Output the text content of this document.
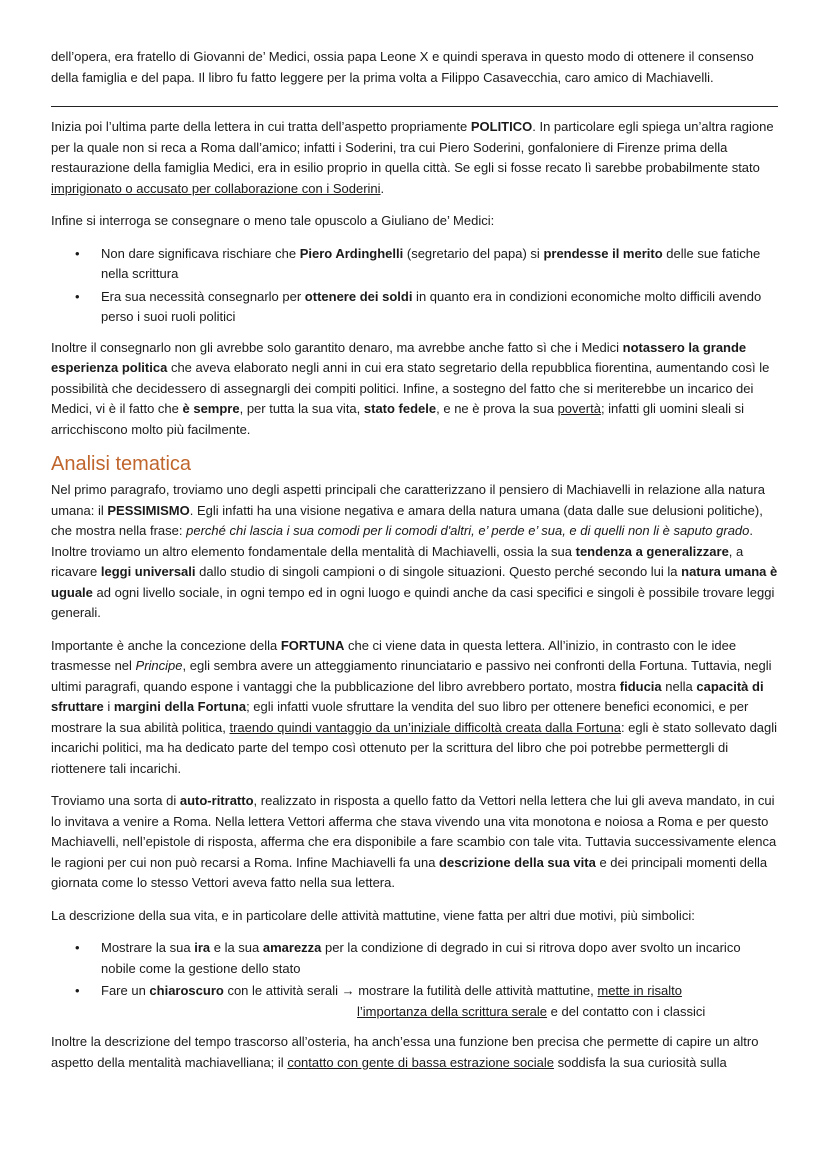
dell’opera, era fratello di Giovanni de’ Medici, ossia papa Leone X e quindi sperava in questo modo di ottenere il consenso della famiglia e del papa. Il libro fu fatto leggere per la prima volta a Filippo Casavecchia, caro amico di Machiavelli.

Inizia poi l’ultima parte della lettera in cui tratta dell’aspetto propriamente POLITICO. In particolare egli spiega un’altra ragione per la quale non si reca a Roma dall’amico; infatti i Soderini, tra cui Piero Soderini, gonfaloniere di Firenze prima della restaurazione della famiglia Medici, era in esilio proprio in quella città. Se egli si fosse recato lì sarebbe probabilmente stato imprigionato o accusato per collaborazione con i Soderini.

Infine si interroga se consegnare o meno tale opuscolo a Giuliano de’ Medici:

• Non dare significava rischiare che Piero Ardinghelli (segretario del papa) si prendesse il merito delle sue fatiche nella scrittura
• Era sua necessità consegnarlo per ottenere dei soldi in quanto era in condizioni economiche molto difficili avendo perso i suoi ruoli politici

Inoltre il consegnarlo non gli avrebbe solo garantito denaro, ma avrebbe anche fatto sì che i Medici notassero la grande esperienza politica che aveva elaborato negli anni in cui era stato segretario della repubblica fiorentina, aumentando così le possibilità che decidessero di assegnargli dei compiti politici. Infine, a sostegno del fatto che si meriterebbe un incarico dei Medici, vi è il fatto che è sempre, per tutta la sua vita, stato fedele, e ne è prova la sua povertà; infatti gli uomini sleali si arricchiscono molto più facilmente.

Analisi tematica

Nel primo paragrafo, troviamo uno degli aspetti principali che caratterizzano il pensiero di Machiavelli in relazione alla natura umana: il PESSIMISMO. Egli infatti ha una visione negativa e amara della natura umana (data dalle sue delusioni politiche), che mostra nella frase: perché chi lascia i sua comodi per li comodi d'altri, e’ perde e’ sua, e di quelli non li è saputo grado. Inoltre troviamo un altro elemento fondamentale della mentalità di Machiavelli, ossia la sua tendenza a generalizzare, a ricavare leggi universali dallo studio di singoli campioni o di singole situazioni. Questo perché secondo lui la natura umana è uguale ad ogni livello sociale, in ogni tempo ed in ogni luogo e quindi anche da casi specifici e singoli è possibile trovare leggi generali.

Importante è anche la concezione della FORTUNA che ci viene data in questa lettera. All’inizio, in contrasto con le idee trasmesse nel Principe, egli sembra avere un atteggiamento rinunciatario e passivo nei confronti della Fortuna. Tuttavia, negli ultimi paragrafi, quando espone i vantaggi che la pubblicazione del libro avrebbero portato, mostra fiducia nella capacità di sfruttare i margini della Fortuna; egli infatti vuole sfruttare la vendita del suo libro per ottenere benefici economici, e per mostrare la sua abilità politica, traendo quindi vantaggio da un’iniziale difficoltà creata dalla Fortuna: egli è stato sollevato dagli incarichi politici, ma ha dedicato parte del tempo così ottenuto per la scrittura del libro che poi potrebbe permettergli di riottenere tali incarichi.

Troviamo una sorta di auto-ritratto, realizzato in risposta a quello fatto da Vettori nella lettera che lui gli aveva mandato, in cui lo invitava a venire a Roma. Nella lettera Vettori afferma che stava vivendo una vita monotona e noiosa a Roma e per questo Machiavelli, nell’epistole di risposta, afferma che era disponibile a fare scambio con tale vita. Tuttavia successivamente elenca le ragioni per cui non può recarsi a Roma. Infine Machiavelli fa una descrizione della sua vita e dei principali momenti della giornata come lo stesso Vettori aveva fatto nella sua lettera.

La descrizione della sua vita, e in particolare delle attività mattutine, viene fatta per altri due motivi, più simbolici:

• Mostrare la sua ira e la sua amarezza per la condizione di degrado in cui si ritrova dopo aver svolto un incarico nobile come la gestione dello stato
• Fare un chiaroscuro con le attività serali → mostrare la futilità delle attività mattutine, mette in risalto
l’importanza della scrittura serale e del contatto con i classici

Inoltre la descrizione del tempo trascorso all’osteria, ha anch’essa una funzione ben precisa che permette di capire un altro aspetto della mentalità machiavelliana; il contatto con gente di bassa estrazione sociale soddisfa la sua curiosità sulla
